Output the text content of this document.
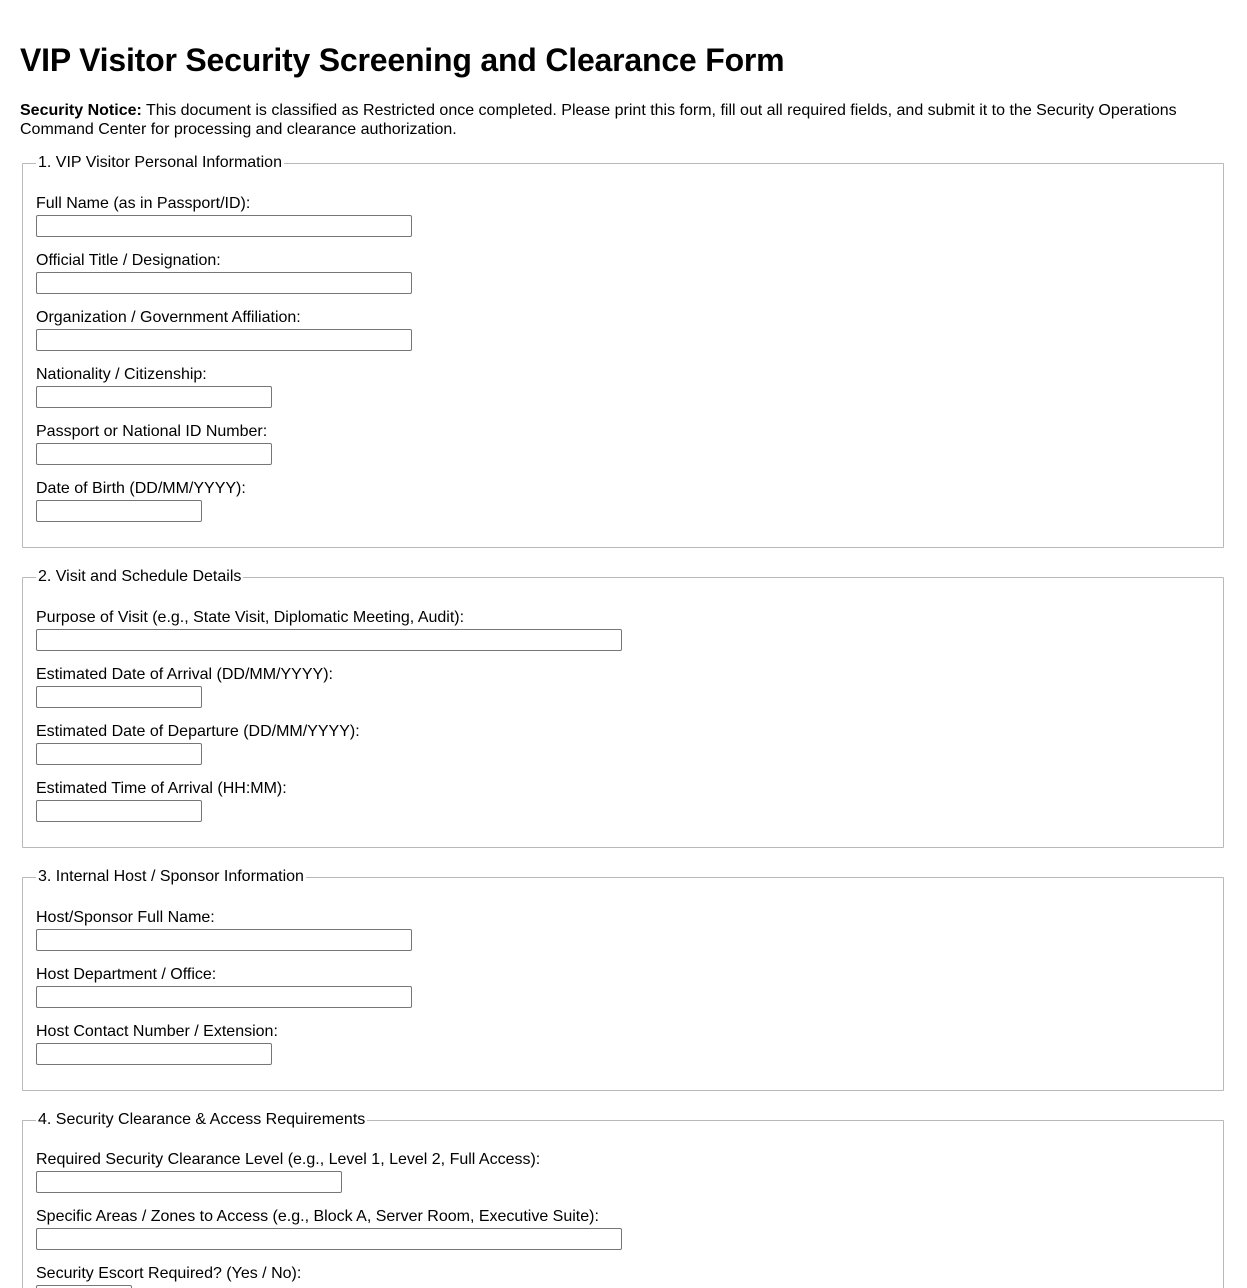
VIP Visitor Security Screening and Clearance Form
Security Notice: This document is classified as Restricted once completed. Please print this form, fill out all required fields, and submit it to the Security Operations Command Center for processing and clearance authorization.
1. VIP Visitor Personal Information
Full Name (as in Passport/ID):
Official Title / Designation:
Organization / Government Affiliation:
Nationality / Citizenship:
Passport or National ID Number:
Date of Birth (DD/MM/YYYY):
2. Visit and Schedule Details
Purpose of Visit (e.g., State Visit, Diplomatic Meeting, Audit):
Estimated Date of Arrival (DD/MM/YYYY):
Estimated Date of Departure (DD/MM/YYYY):
Estimated Time of Arrival (HH:MM):
3. Internal Host / Sponsor Information
Host/Sponsor Full Name:
Host Department / Office:
Host Contact Number / Extension:
4. Security Clearance & Access Requirements
Required Security Clearance Level (e.g., Level 1, Level 2, Full Access):
Specific Areas / Zones to Access (e.g., Block A, Server Room, Executive Suite):
Security Escort Required? (Yes / No):
